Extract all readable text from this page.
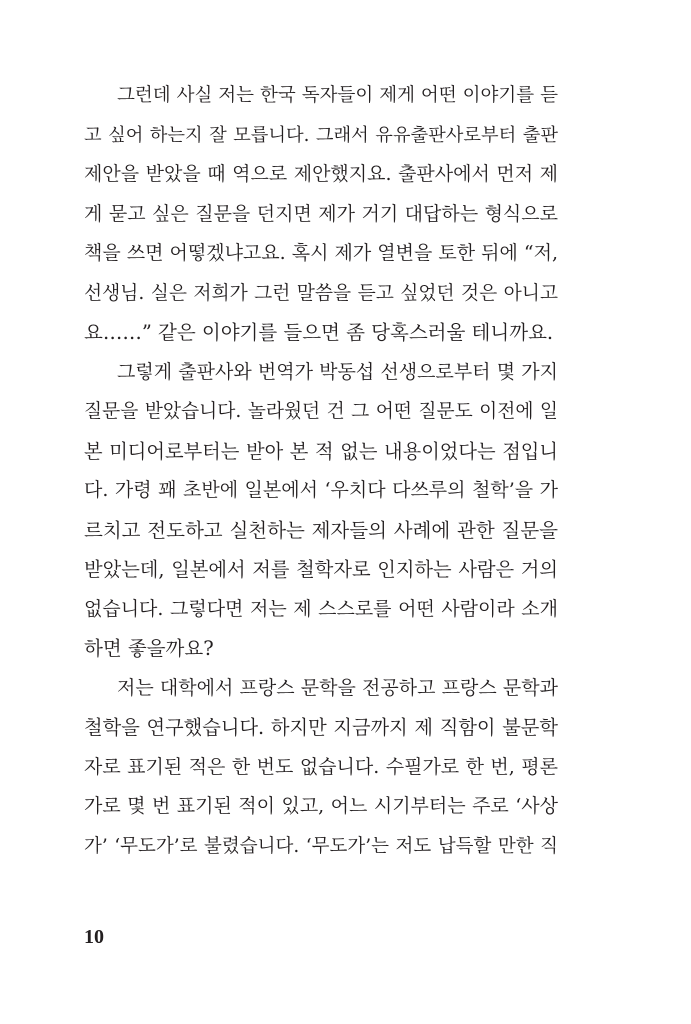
그런데 사실 저는 한국 독자들이 제게 어떤 이야기를 듣
고 싶어 하는지 잘 모릅니다. 그래서 유유출판사로부터 출판
제안을 받았을 때 역으로 제안했지요. 출판사에서 먼저 제
게 묻고 싶은 질문을 던지면 제가 거기 대답하는 형식으로
책을 쓰면 어떻겠냐고요. 혹시 제가 열변을 토한 뒤에 “저,
선생님. 실은 저희가 그런 말씀을 듣고 싶었던 것은 아니고
요……” 같은 이야기를 들으면 좀 당혹스러울 테니까요.
그렇게 출판사와 번역가 박동섭 선생으로부터 몇 가지
질문을 받았습니다. 놀라웠던 건 그 어떤 질문도 이전에 일
본 미디어로부터는 받아 본 적 없는 내용이었다는 점입니
다. 가령 꽤 초반에 일본에서 ‘우치다 다쓰루의 철학’을 가
르치고 전도하고 실천하는 제자들의 사례에 관한 질문을
받았는데, 일본에서 저를 철학자로 인지하는 사람은 거의
없습니다. 그렇다면 저는 제 스스로를 어떤 사람이라 소개
하면 좋을까요?
저는 대학에서 프랑스 문학을 전공하고 프랑스 문학과
철학을 연구했습니다. 하지만 지금까지 제 직함이 불문학
자로 표기된 적은 한 번도 없습니다. 수필가로 한 번, 평론
가로 몇 번 표기된 적이 있고, 어느 시기부터는 주로 ‘사상
가’ ‘무도가’로 불렸습니다. ‘무도가’는 저도 납득할 만한 직
10
